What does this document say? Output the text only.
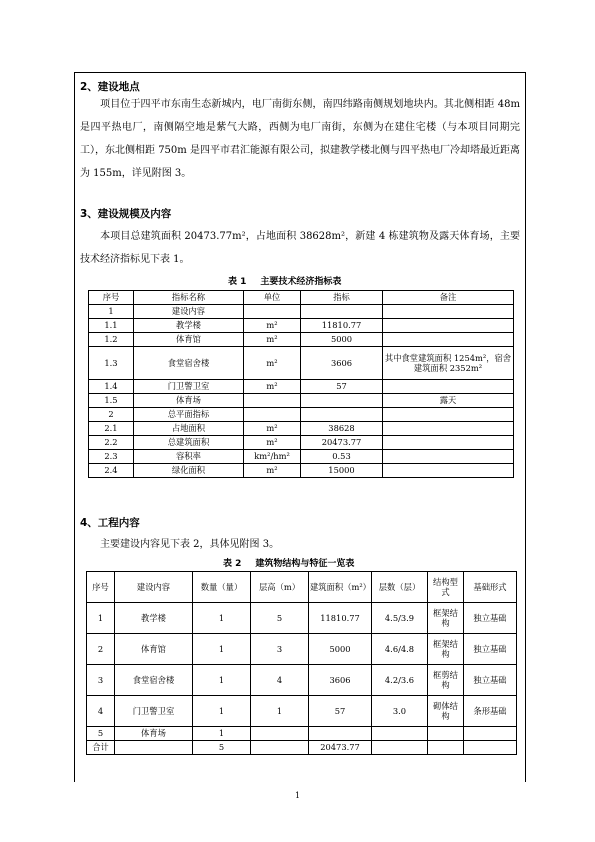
2、建设地点
项目位于四平市东南生态新城内，电厂南街东侧，南四纬路南侧规划地块内。其北侧相距 48m 是四平热电厂，南侧隔空地是紫气大路，西侧为电厂南街，东侧为在建住宅楼（与本项目同期完工），东北侧相距 750m 是四平市君汇能源有限公司，拟建教学楼北侧与四平热电厂冷却塔最近距离为 155m，详见附图 3。
3、建设规模及内容
本项目总建筑面积 20473.77m²，占地面积 38628m²，新建 4 栋建筑物及露天体育场，主要技术经济指标见下表 1。
表 1 主要技术经济指标表
序号	指标名称	单位	指标	备注
1	建设内容			
1.1	教学楼	m²	11810.77	
1.2	体育馆	m²	5000	
1.3	食堂宿舍楼	m²	3606	其中食堂建筑面积 1254m²，宿舍建筑面积 2352m²
1.4	门卫警卫室	m²	57	
1.5	体育场			露天
2	总平面指标			
2.1	占地面积	m²	38628	
2.2	总建筑面积	m²	20473.77	
2.3	容积率	km²/hm²	0.53	
2.4	绿化面积	m²	15000	
4、工程内容
主要建设内容见下表 2，具体见附图 3。
表 2 建筑物结构与特征一览表
序号	建设内容	数量（量）	层高（m）	建筑面积（m²）	层数（层）	结构型式	基础形式
1	教学楼	1	5	11810.77	4.5/3.9	框架结构	独立基础
2	体育馆	1	3	5000	4.6/4.8	框架结构	独立基础
3	食堂宿舍楼	1	4	3606	4.2/3.6	框剪结构	独立基础
4	门卫警卫室	1	1	57	3.0	砌体结构	条形基础
5	体育场	1					
合计		5		20473.77			
1
